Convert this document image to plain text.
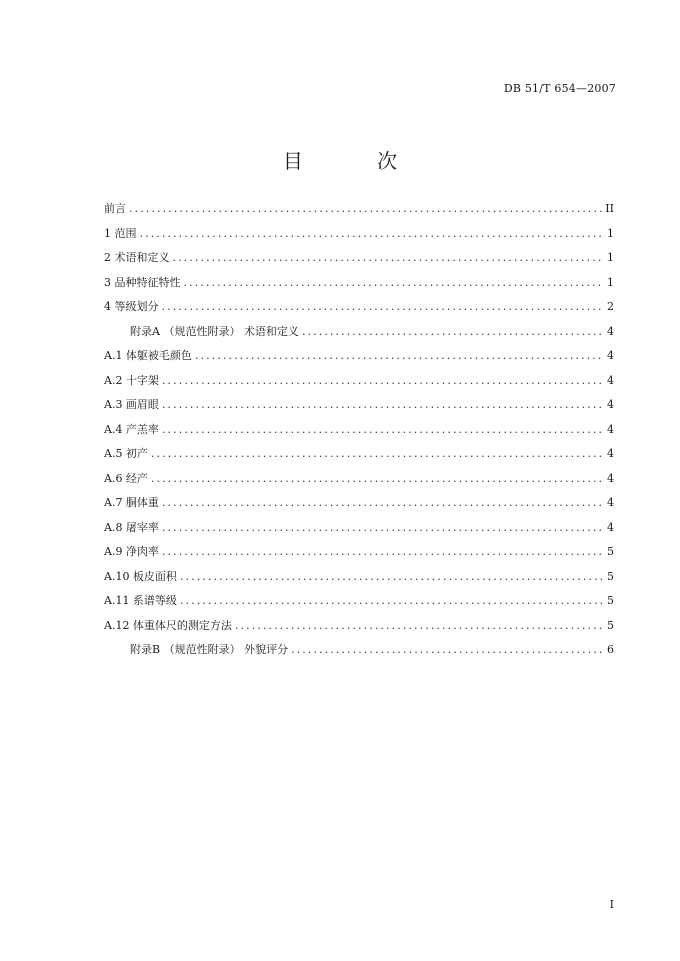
DB 51/T 654—2007
目 次
前言 .....	II
1 范围 .....	1
2 术语和定义 .....	1
3 品种特征特性 .....	1
4 等级划分 .....	2
附录A （规范性附录） 术语和定义 .....	4
A.1 体躯被毛颜色 .....	4
A.2 十字架 .....	4
A.3 画眉眼 .....	4
A.4 产羔率 .....	4
A.5 初产 .....	4
A.6 经产 .....	4
A.7 胴体重 .....	4
A.8 屠宰率 .....	4
A.9 净肉率 .....	5
A.10 板皮面积 .....	5
A.11 系谱等级 .....	5
A.12 体重体尺的测定方法 .....	5
附录B （规范性附录） 外貌评分 .....	6
I
